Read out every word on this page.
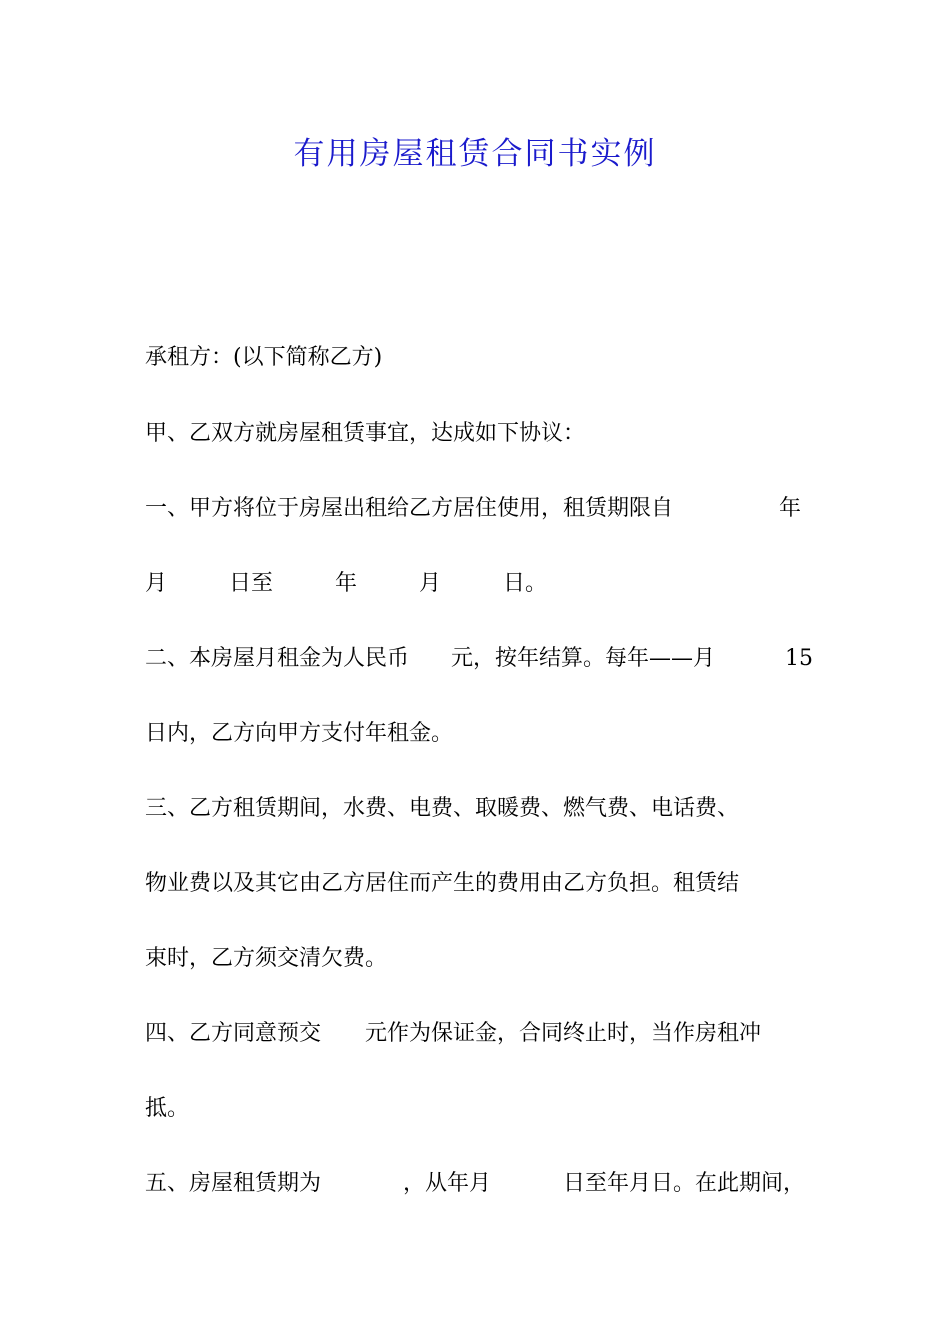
有用房屋租赁合同书实例
承租方：(以下简称乙方)
甲、乙双方就房屋租赁事宜，达成如下协议：
一、甲方将位于房屋出租给乙方居住使用，租赁期限自	年
月	日至	年	月	日。
二、本房屋月租金为人民币 元，按年结算。每年——月	15
日内，乙方向甲方支付年租金。
三、乙方租赁期间，水费、电费、取暖费、燃气费、电话费、
物业费以及其它由乙方居住而产生的费用由乙方负担。租赁结
束时，乙方须交清欠费。
四、乙方同意预交 元作为保证金，合同终止时，当作房租冲
抵。
五、房屋租赁期为	，从年月	日至年月日。在此期间，
